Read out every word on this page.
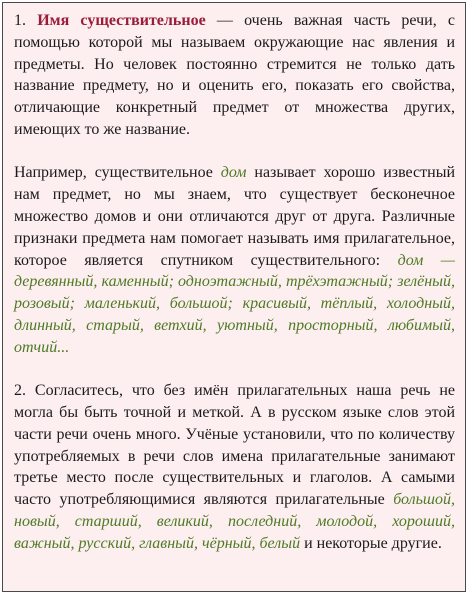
1. Имя существительное — очень важная часть речи, с помощью которой мы называем окружающие нас явления и предметы. Но человек постоянно стремится не только дать название предмету, но и оценить его, показать его свойства, отличающие конкретный предмет от множества других, имеющих то же название.

Например, существительное дом называет хорошо известный нам предмет, но мы знаем, что существует бесконечное множество домов и они отличаются друг от друга. Различные признаки предмета нам помогает называть имя прилагательное, которое является спутником существительного: дом — деревянный, каменный; одноэтажный, трёхэтажный; зелёный, розовый; маленький, большой; красивый, тёплый, холодный, длинный, старый, ветхий, уютный, просторный, любимый, отчий...

2. Согласитесь, что без имён прилагательных наша речь не могла бы быть точной и меткой. А в русском языке слов этой части речи очень много. Учёные установили, что по количеству употребляемых в речи слов имена прилагательные занимают третье место после существительных и глаголов. А самыми часто употребляющимися являются прилагательные большой, новый, старший, великий, последний, молодой, хороший, важный, русский, главный, чёрный, белый и некоторые другие.
